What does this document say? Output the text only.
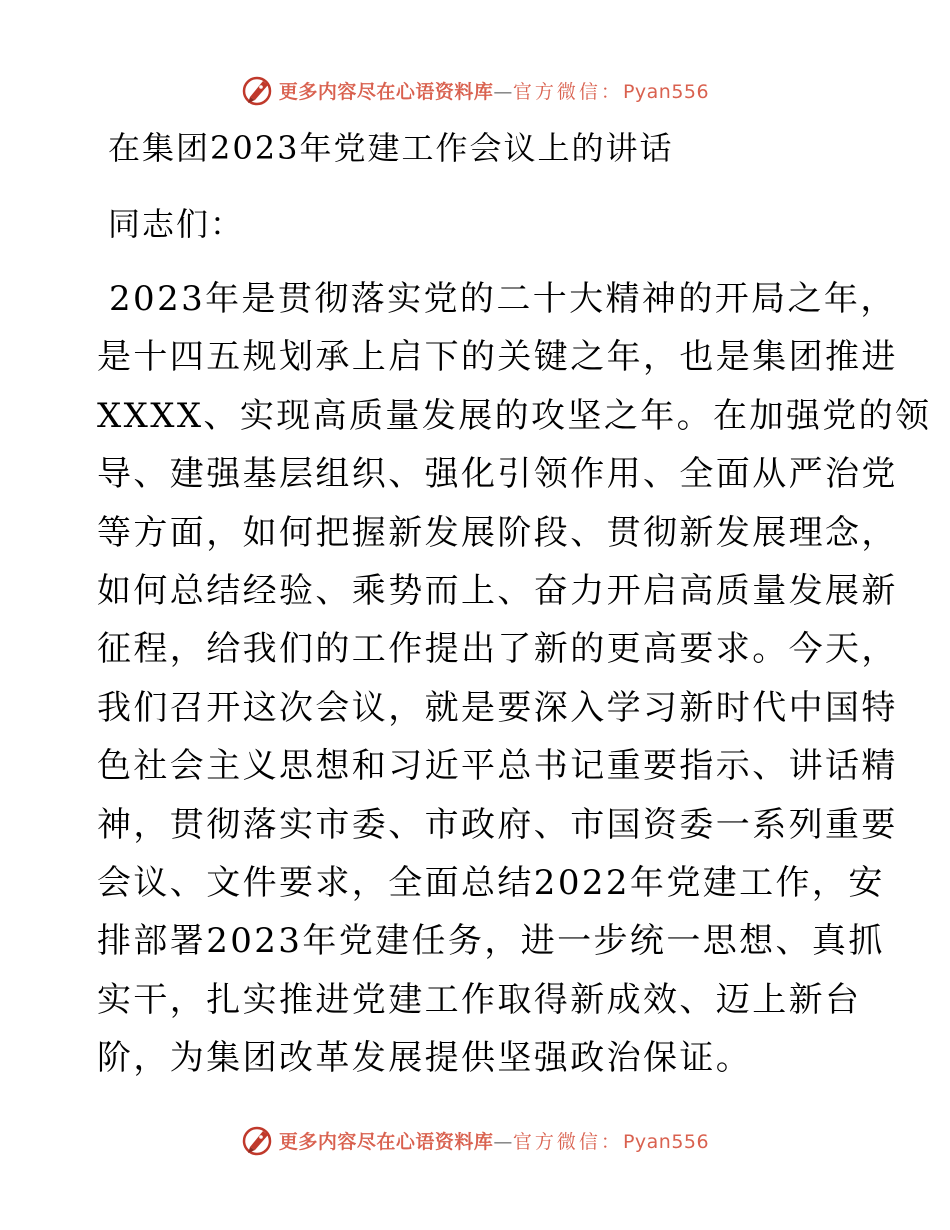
更多内容尽在心语资料库—官方微信：Pyan556
在集团2023年党建工作会议上的讲话

同志们：

2023年是贯彻落实党的二十大精神的开局之年，
是十四五规划承上启下的关键之年，也是集团推进
XXXX、实现高质量发展的攻坚之年。在加强党的领
导、建强基层组织、强化引领作用、全面从严治党
等方面，如何把握新发展阶段、贯彻新发展理念，
如何总结经验、乘势而上、奋力开启高质量发展新
征程，给我们的工作提出了新的更高要求。今天，
我们召开这次会议，就是要深入学习新时代中国特
色社会主义思想和习近平总书记重要指示、讲话精
神，贯彻落实市委、市政府、市国资委一系列重要
会议、文件要求，全面总结2022年党建工作，安
排部署2023年党建任务，进一步统一思想、真抓
实干，扎实推进党建工作取得新成效、迈上新台
阶，为集团改革发展提供坚强政治保证。
更多内容尽在心语资料库—官方微信：Pyan556
